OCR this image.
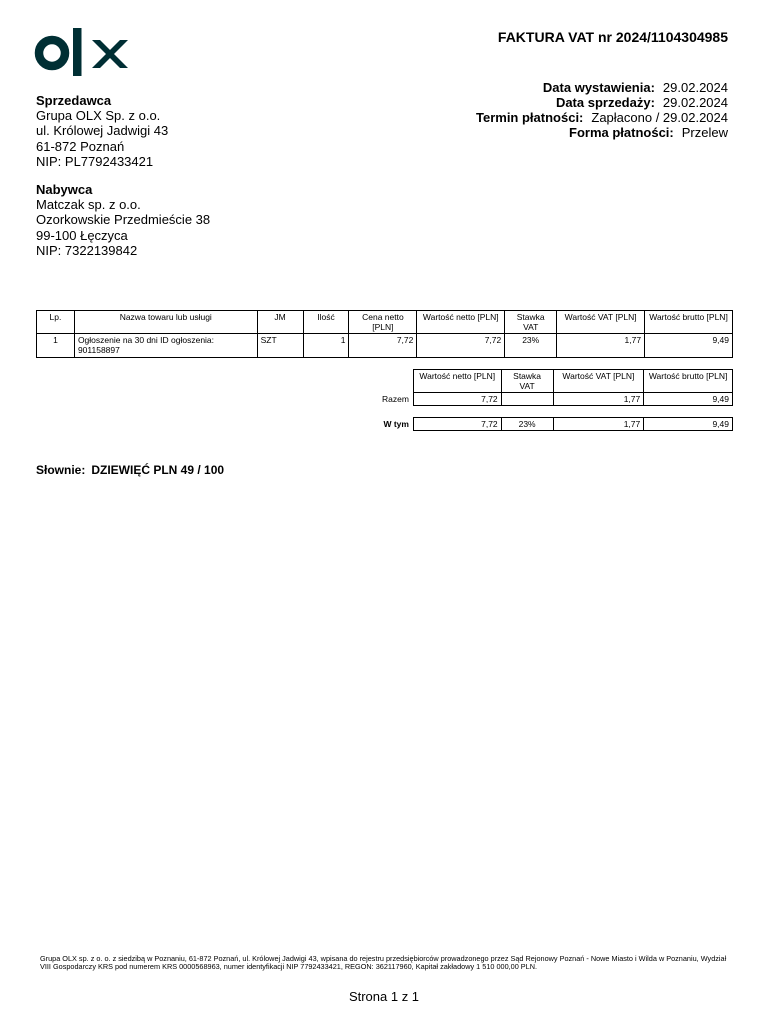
FAKTURA VAT nr 2024/1104304985
Data wystawienia: 29.02.2024
Data sprzedaży: 29.02.2024
Termin płatności: Zapłacono / 29.02.2024
Forma płatności: Przelew
Sprzedawca
Grupa OLX Sp. z o.o.
ul. Królowej Jadwigi 43
61-872 Poznań
NIP: PL7792433421
Nabywca
Matczak sp. z o.o.
Ozorkowskie Przedmieście 38
99-100 Łęczyca
NIP: 7322139842
Lp.	Nazwa towaru lub usługi	JM	Ilość	Cena netto [PLN]	Wartość netto [PLN]	Stawka VAT	Wartość VAT [PLN]	Wartość brutto [PLN]
1	Ogłoszenie na 30 dni ID ogłoszenia: 901158897	SZT	1	7,72	7,72	23%	1,77	9,49
	Wartość netto [PLN]	Stawka VAT	Wartość VAT [PLN]	Wartość brutto [PLN]
Razem	7,72		1,77	9,49

W tym	7,72	23%	1,77	9,49
Słownie: DZIEWIĘĆ PLN 49 / 100
Grupa OLX sp. z o. o. z siedzibą w Poznaniu, 61-872 Poznań, ul. Królowej Jadwigi 43, wpisana do rejestru przedsiębiorców prowadzonego przez Sąd Rejonowy Poznań - Nowe Miasto i Wilda w Poznaniu, Wydział VIII Gospodarczy KRS pod numerem KRS 0000568963, numer identyfikacji NIP 7792433421, REGON: 362117960, Kapitał zakładowy 1 510 000,00 PLN.
Strona 1 z 1
